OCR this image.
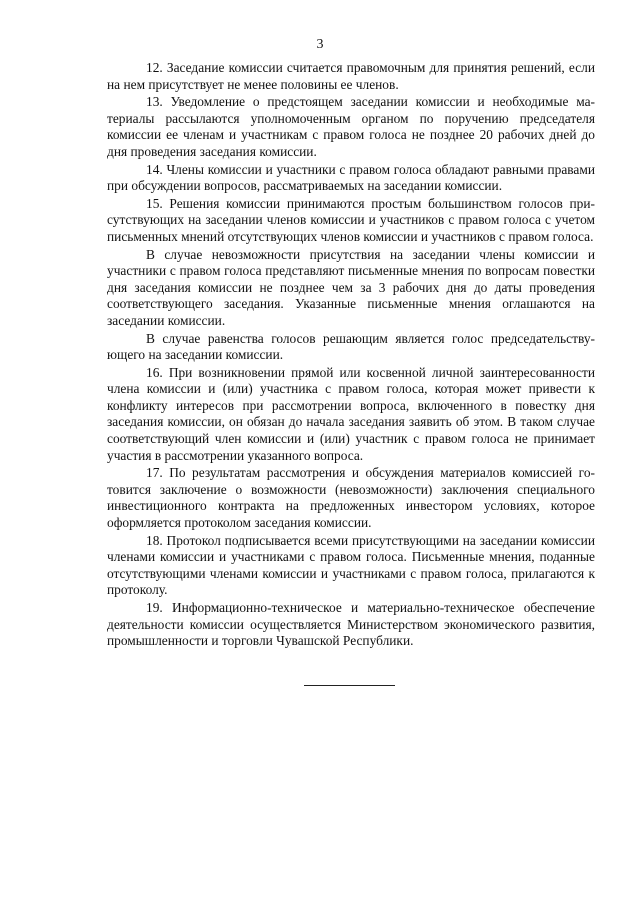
3

12. Заседание комиссии считается правомочным для принятия решений, если на нем присутствует не менее половины ее членов.

13. Уведомление о предстоящем заседании комиссии и необходимые материалы рассылаются уполномоченным органом по поручению председателя комиссии ее членам и участникам с правом голоса не позднее 20 рабочих дней до дня проведения заседания комиссии.

14. Члены комиссии и участники с правом голоса обладают равными правами при обсуждении вопросов, рассматриваемых на заседании комиссии.

15. Решения комиссии принимаются простым большинством голосов присутствующих на заседании членов комиссии и участников с правом голоса с учетом письменных мнений отсутствующих членов комиссии и участников с правом голоса.

В случае невозможности присутствия на заседании члены комиссии и участники с правом голоса представляют письменные мнения по вопросам повестки дня заседания комиссии не позднее чем за 3 рабочих дня до даты проведения соответствующего заседания. Указанные письменные мнения оглашаются на заседании комиссии.

В случае равенства голосов решающим является голос председательствующего на заседании комиссии.

16. При возникновении прямой или косвенной личной заинтересованности члена комиссии и (или) участника с правом голоса, которая может привести к конфликту интересов при рассмотрении вопроса, включенного в повестку дня заседания комиссии, он обязан до начала заседания заявить об этом. В таком случае соответствующий член комиссии и (или) участник с правом голоса не принимает участия в рассмотрении указанного вопроса.

17. По результатам рассмотрения и обсуждения материалов комиссией готовится заключение о возможности (невозможности) заключения специального инвестиционного контракта на предложенных инвестором условиях, которое оформляется протоколом заседания комиссии.

18. Протокол подписывается всеми присутствующими на заседании комиссии членами комиссии и участниками с правом голоса. Письменные мнения, поданные отсутствующими членами комиссии и участниками с правом голоса, прилагаются к протоколу.

19. Информационно-техническое и материально-техническое обеспечение деятельности комиссии осуществляется Министерством экономического развития, промышленности и торговли Чувашской Республики.
